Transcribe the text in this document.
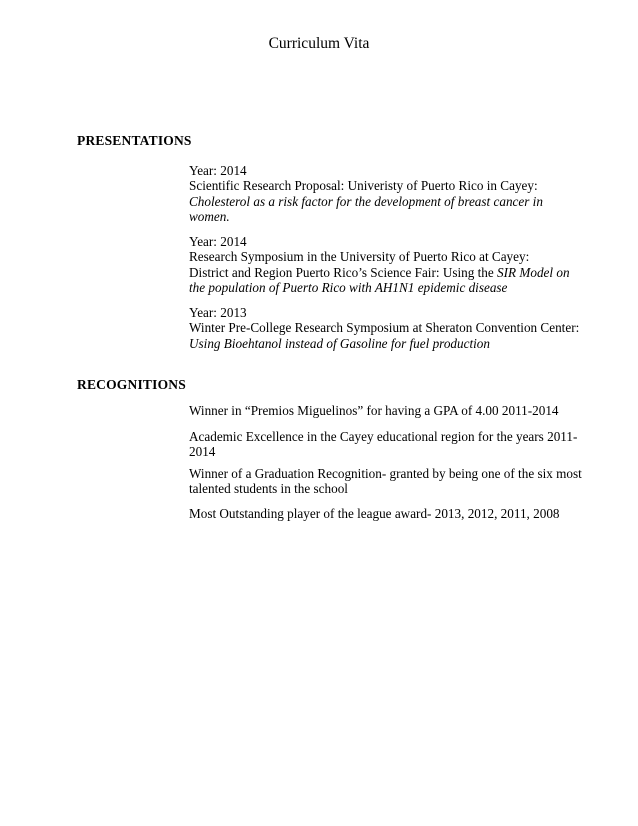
Curriculum Vita
PRESENTATIONS
Year: 2014
Scientific Research Proposal: Univeristy of Puerto Rico in Cayey:
Cholesterol as a risk factor for the development of breast cancer in
women.
Year: 2014
Research Symposium in the University of Puerto Rico at Cayey:
District and Region Puerto Rico’s Science Fair: Using the SIR Model on
the population of Puerto Rico with AH1N1 epidemic disease
Year: 2013
Winter Pre-College Research Symposium at Sheraton Convention Center:
Using Bioehtanol instead of Gasoline for fuel production
RECOGNITIONS
Winner in “Premios Miguelinos” for having a GPA of 4.00 2011-2014
Academic Excellence in the Cayey educational region for the years 2011-
2014
Winner of a Graduation Recognition- granted by being one of the six most
talented students in the school
Most Outstanding player of the league award- 2013, 2012, 2011, 2008
